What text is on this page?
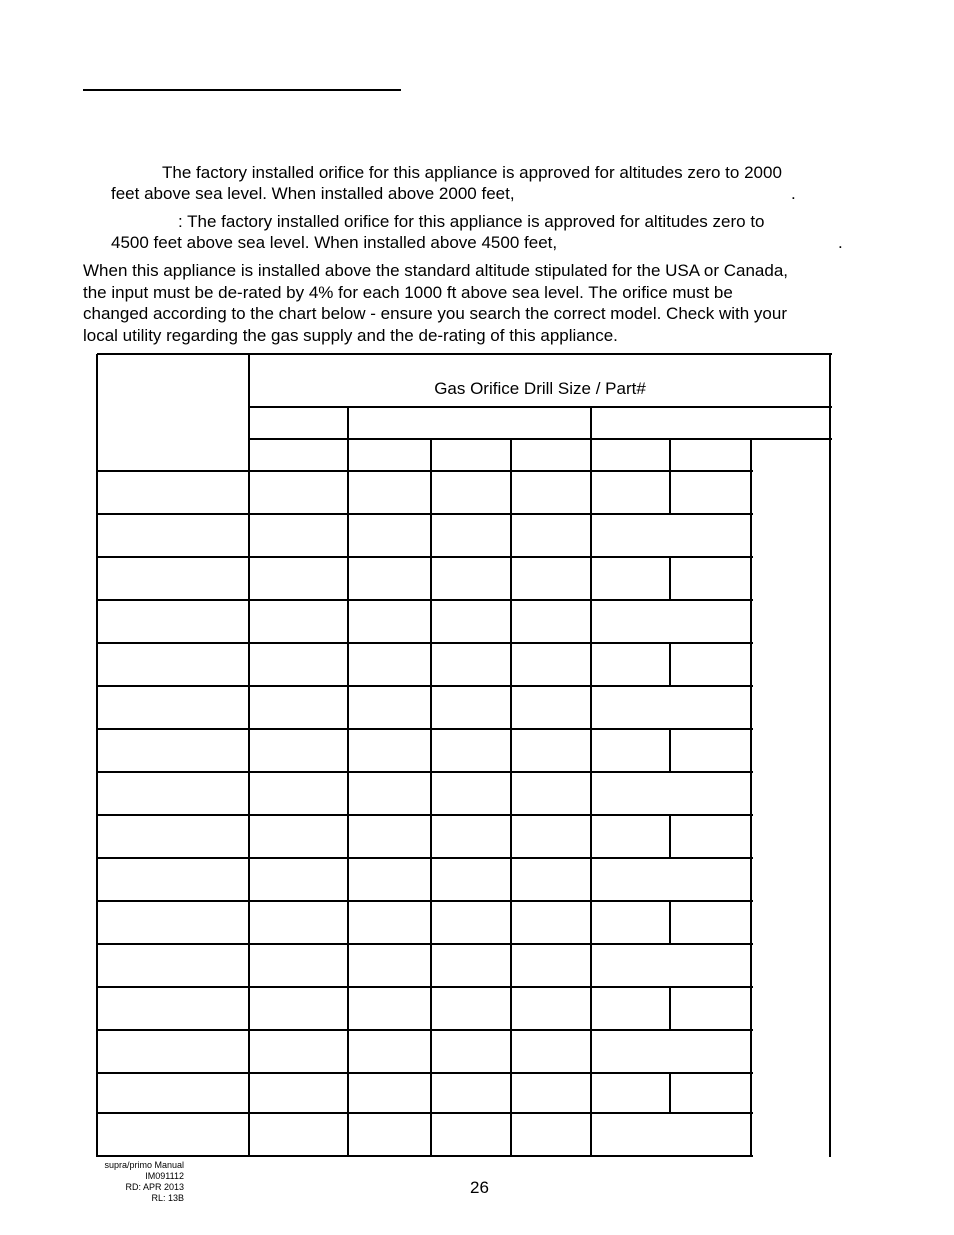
The factory installed orifice for this appliance is approved for altitudes zero to 2000
feet above sea level. When installed above 2000 feet,	.
: The factory installed orifice for this appliance is approved for altitudes zero to
4500 feet above sea level. When installed above 4500 feet,	.
When this appliance is installed above the standard altitude stipulated for the USA or Canada,
the input must be de-rated by 4% for each 1000 ft above sea level. The orifice must be
changed according to the chart below - ensure you search the correct model. Check with your
local utility regarding the gas supply and the de-rating of this appliance.
Gas Orifice Drill Size / Part#
supra/primo Manual
IM091112
RD: APR 2013
RL: 13B
26
